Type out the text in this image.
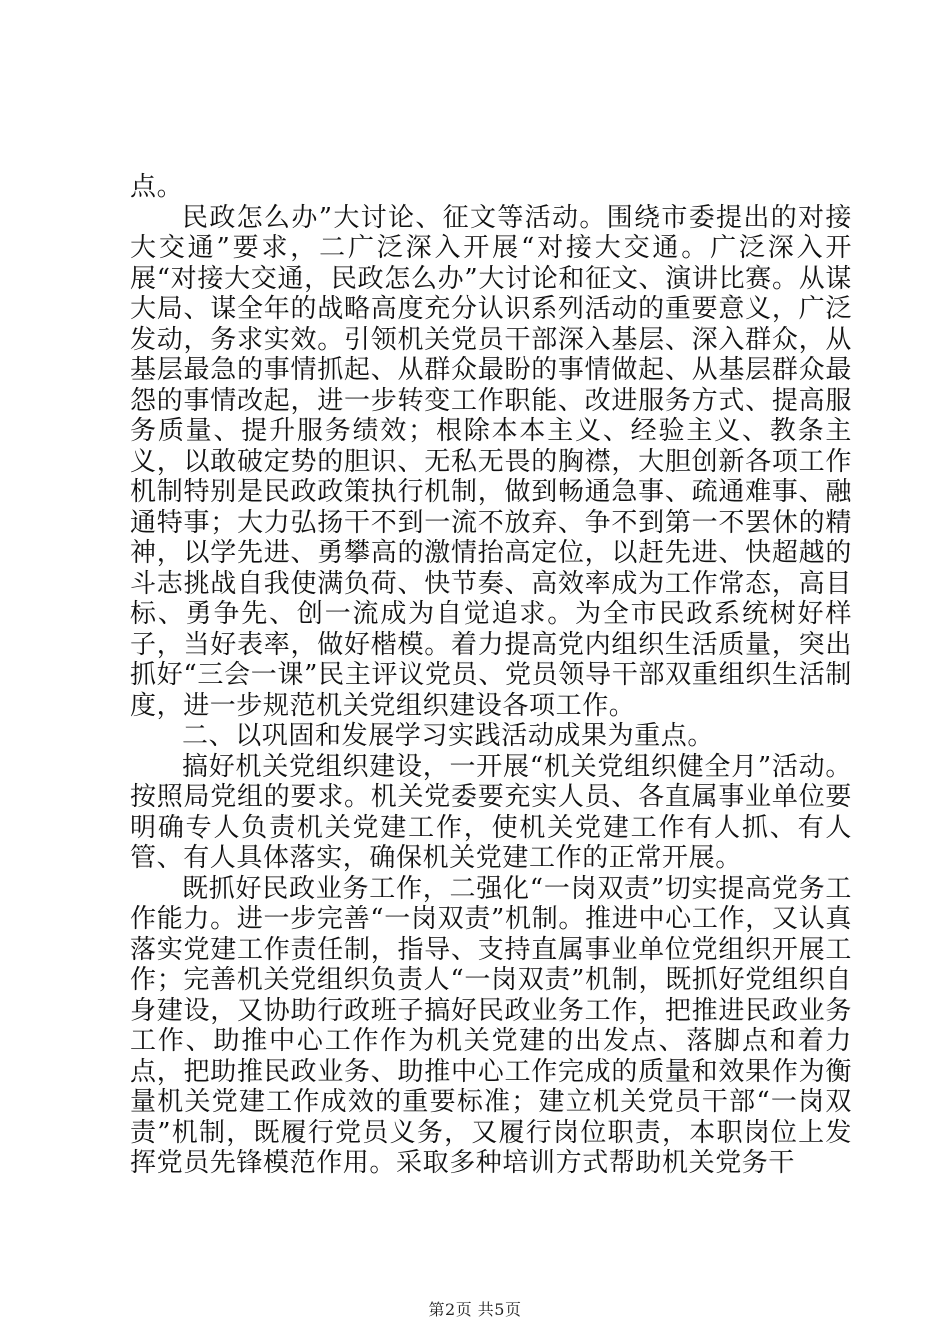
点。

民政怎么办”大讨论、征文等活动。围绕市委提出的对接大交通”要求，二广泛深入开展“对接大交通。广泛深入开展“对接大交通，民政怎么办”大讨论和征文、演讲比赛。从谋大局、谋全年的战略高度充分认识系列活动的重要意义，广泛发动，务求实效。引领机关党员干部深入基层、深入群众，从基层最急的事情抓起、从群众最盼的事情做起、从基层群众最怨的事情改起，进一步转变工作职能、改进服务方式、提高服务质量、提升服务绩效；根除本本主义、经验主义、教条主义，以敢破定势的胆识、无私无畏的胸襟，大胆创新各项工作机制特别是民政政策执行机制，做到畅通急事、疏通难事、融通特事；大力弘扬干不到一流不放弃、争不到第一不罢休的精神，以学先进、勇攀高的激情抬高定位，以赶先进、快超越的斗志挑战自我使满负荷、快节奏、高效率成为工作常态，高目标、勇争先、创一流成为自觉追求。为全市民政系统树好样子，当好表率，做好楷模。着力提高党内组织生活质量，突出抓好“三会一课”民主评议党员、党员领导干部双重组织生活制度，进一步规范机关党组织建设各项工作。

二、以巩固和发展学习实践活动成果为重点。

搞好机关党组织建设，一开展“机关党组织健全月”活动。按照局党组的要求。机关党委要充实人员、各直属事业单位要明确专人负责机关党建工作，使机关党建工作有人抓、有人管、有人具体落实，确保机关党建工作的正常开展。

既抓好民政业务工作，二强化“一岗双责”切实提高党务工作能力。进一步完善“一岗双责”机制。推进中心工作，又认真落实党建工作责任制，指导、支持直属事业单位党组织开展工作；完善机关党组织负责人“一岗双责”机制，既抓好党组织自身建设，又协助行政班子搞好民政业务工作，把推进民政业务工作、助推中心工作作为机关党建的出发点、落脚点和着力点，把助推民政业务、助推中心工作完成的质量和效果作为衡量机关党建工作成效的重要标准；建立机关党员干部“一岗双责”机制，既履行党员义务，又履行岗位职责，本职岗位上发挥党员先锋模范作用。采取多种培训方式帮助机关党务干

第2页 共5页
